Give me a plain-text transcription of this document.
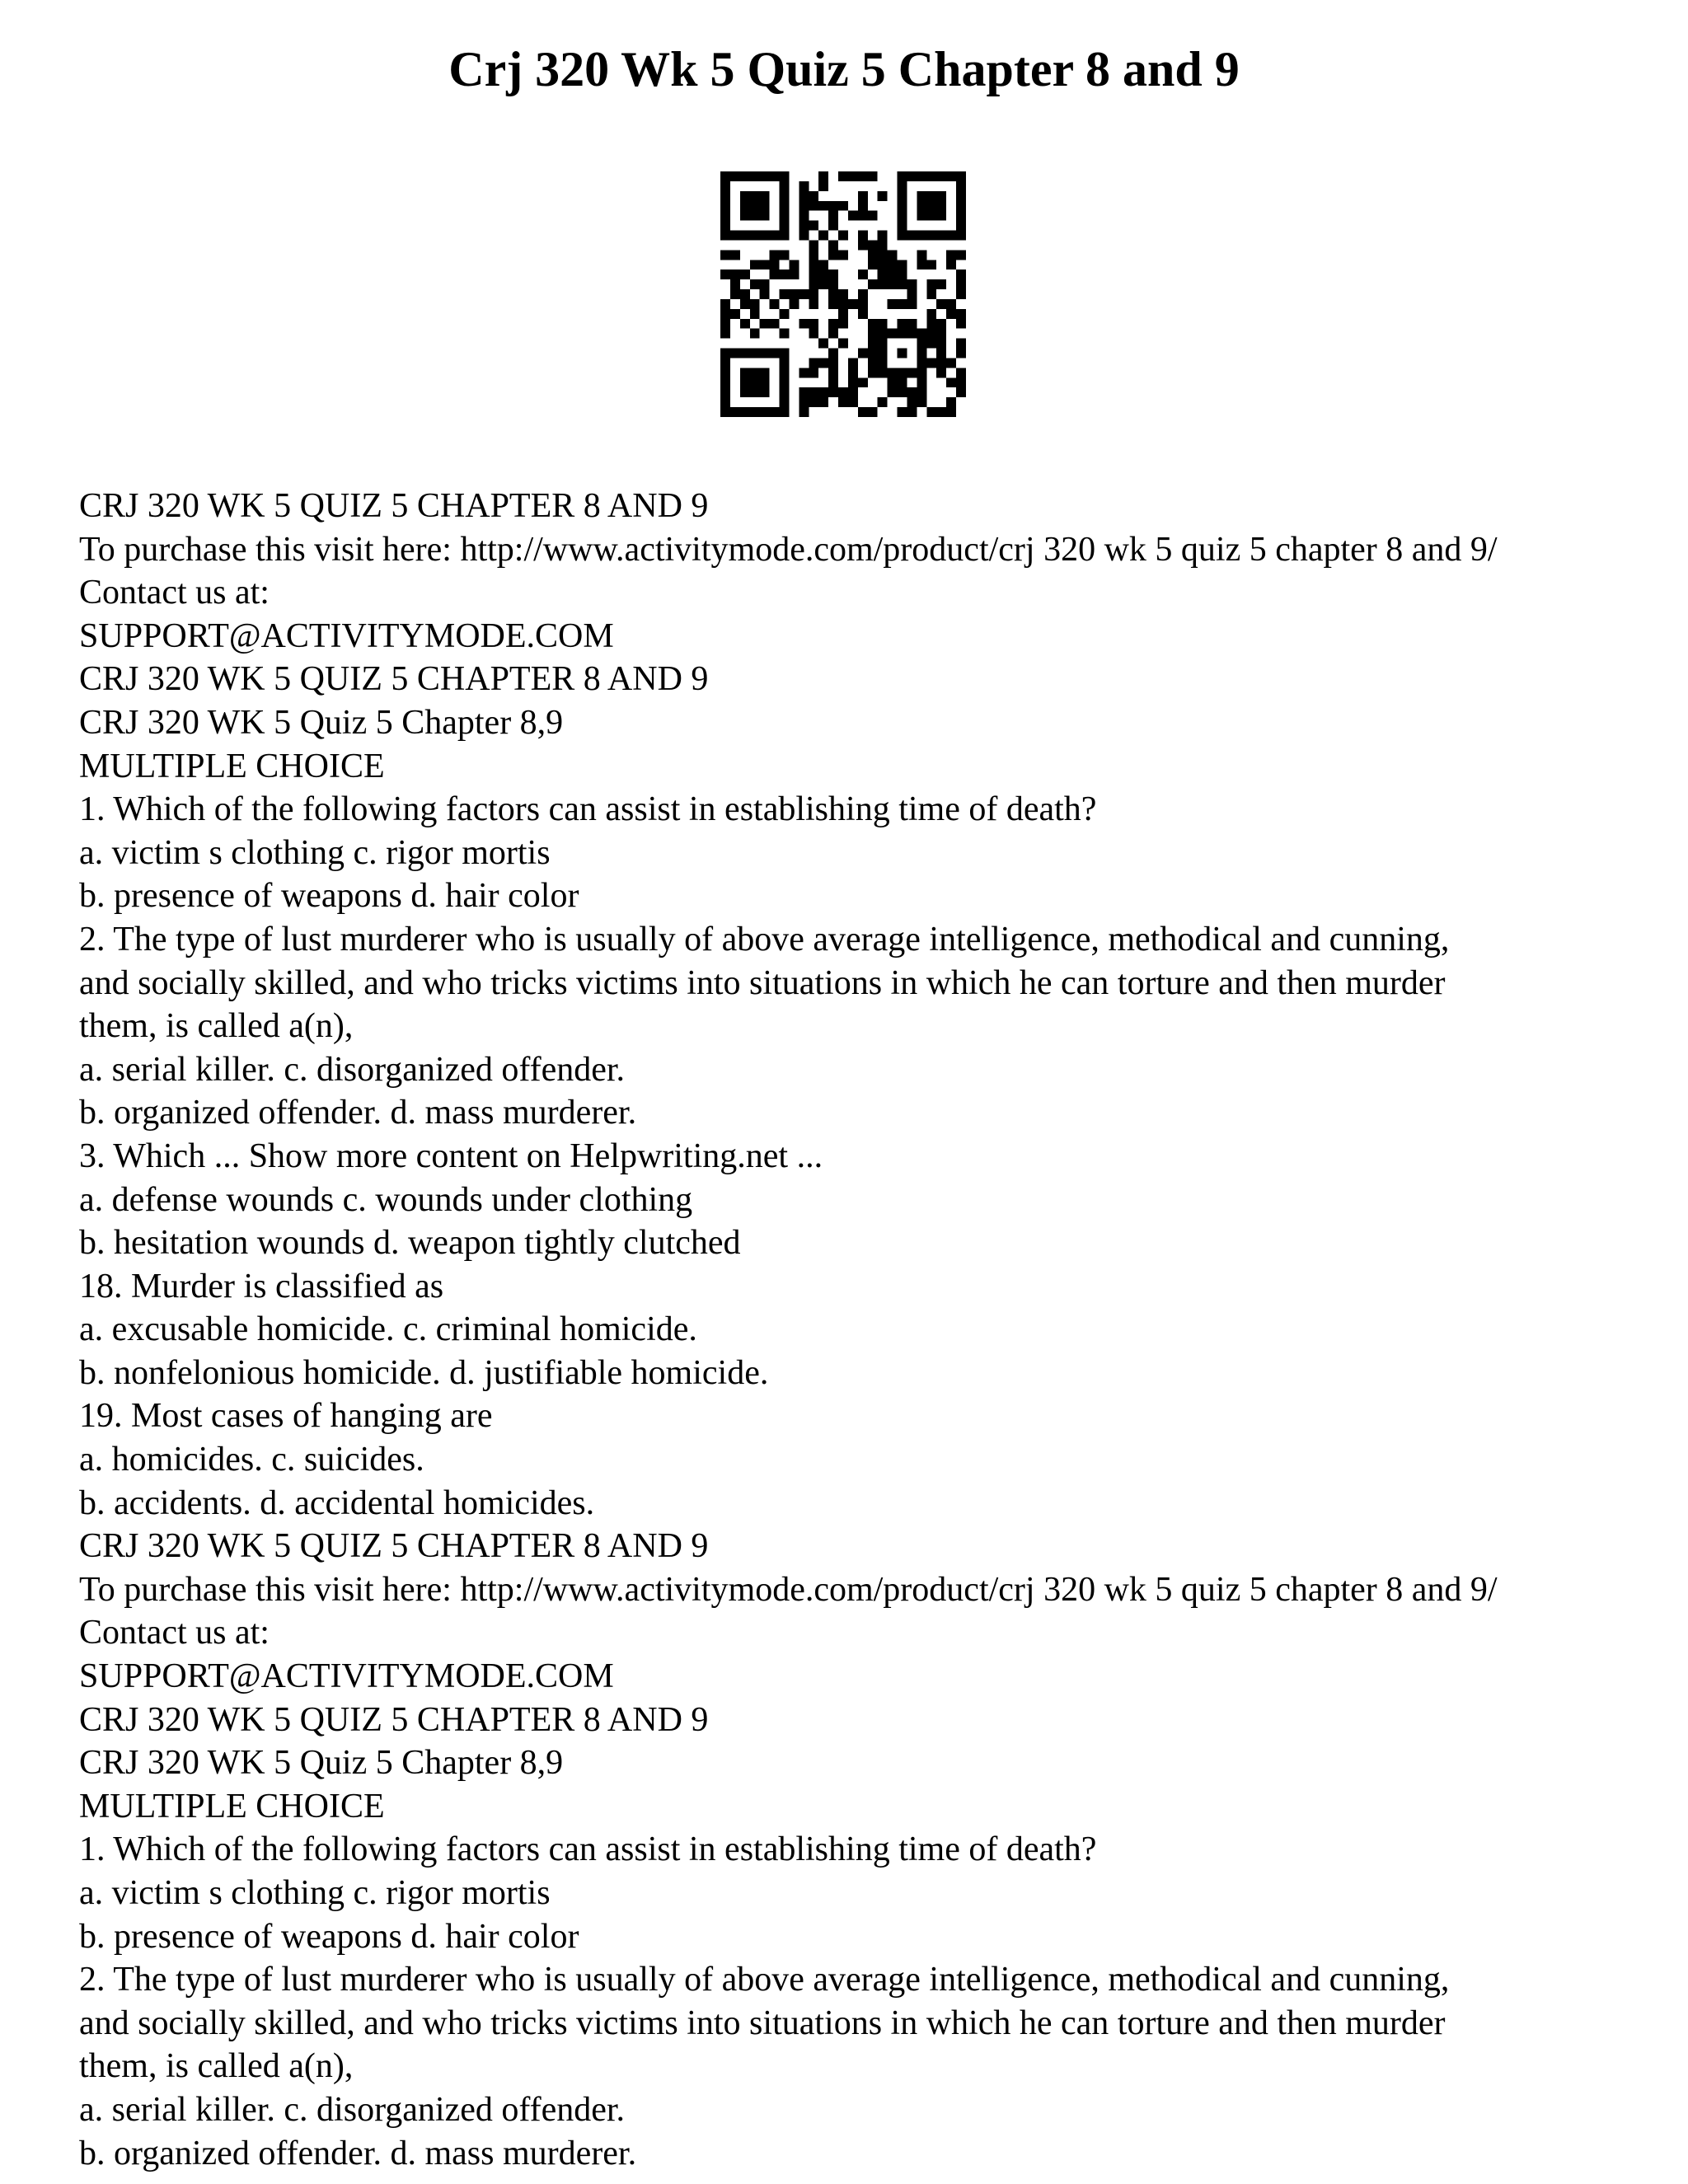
Crj 320 Wk 5 Quiz 5 Chapter 8 and 9
CRJ 320 WK 5 QUIZ 5 CHAPTER 8 AND 9
To purchase this visit here: http://www.activitymode.com/product/crj 320 wk 5 quiz 5 chapter 8 and 9/
Contact us at:
SUPPORT@ACTIVITYMODE.COM
CRJ 320 WK 5 QUIZ 5 CHAPTER 8 AND 9
CRJ 320 WK 5 Quiz 5 Chapter 8,9
MULTIPLE CHOICE
1. Which of the following factors can assist in establishing time of death?
a. victim s clothing c. rigor mortis
b. presence of weapons d. hair color
2. The type of lust murderer who is usually of above average intelligence, methodical and cunning,
and socially skilled, and who tricks victims into situations in which he can torture and then murder
them, is called a(n),
a. serial killer. c. disorganized offender.
b. organized offender. d. mass murderer.
3. Which ... Show more content on Helpwriting.net ...
a. defense wounds c. wounds under clothing
b. hesitation wounds d. weapon tightly clutched
18. Murder is classified as
a. excusable homicide. c. criminal homicide.
b. nonfelonious homicide. d. justifiable homicide.
19. Most cases of hanging are
a. homicides. c. suicides.
b. accidents. d. accidental homicides.
CRJ 320 WK 5 QUIZ 5 CHAPTER 8 AND 9
To purchase this visit here: http://www.activitymode.com/product/crj 320 wk 5 quiz 5 chapter 8 and 9/
Contact us at:
SUPPORT@ACTIVITYMODE.COM
CRJ 320 WK 5 QUIZ 5 CHAPTER 8 AND 9
CRJ 320 WK 5 Quiz 5 Chapter 8,9
MULTIPLE CHOICE
1. Which of the following factors can assist in establishing time of death?
a. victim s clothing c. rigor mortis
b. presence of weapons d. hair color
2. The type of lust murderer who is usually of above average intelligence, methodical and cunning,
and socially skilled, and who tricks victims into situations in which he can torture and then murder
them, is called a(n),
a. serial killer. c. disorganized offender.
b. organized offender. d. mass murderer.
